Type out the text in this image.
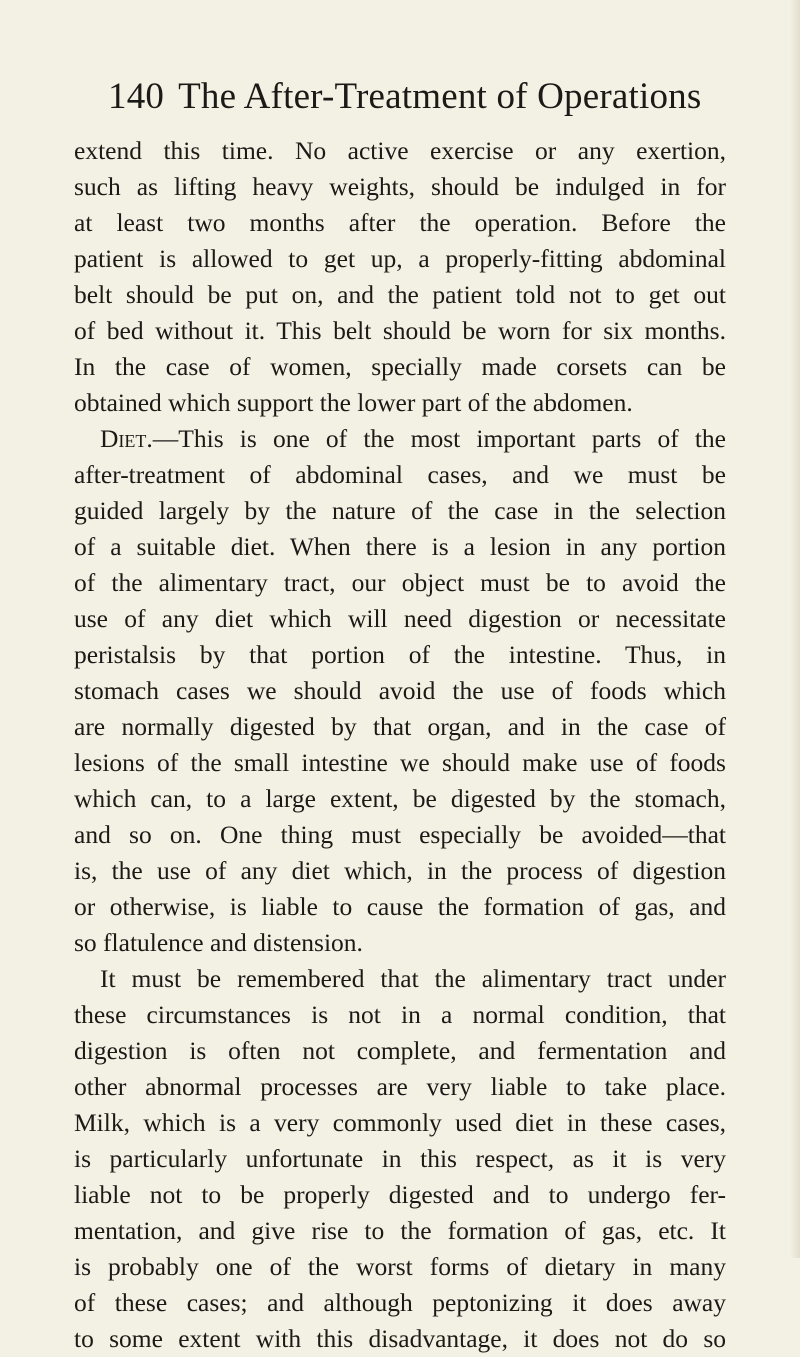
140 The After-Treatment of Operations
extend this time. No active exercise or any exertion,
such as lifting heavy weights, should be indulged in for
at least two months after the operation. Before the
patient is allowed to get up, a properly-fitting abdominal
belt should be put on, and the patient told not to get out
of bed without it. This belt should be worn for six months.
In the case of women, specially made corsets can be
obtained which support the lower part of the abdomen.
Diet.—This is one of the most important parts of the
after-treatment of abdominal cases, and we must be
guided largely by the nature of the case in the selection
of a suitable diet. When there is a lesion in any portion
of the alimentary tract, our object must be to avoid the
use of any diet which will need digestion or necessitate
peristalsis by that portion of the intestine. Thus, in
stomach cases we should avoid the use of foods which
are normally digested by that organ, and in the case of
lesions of the small intestine we should make use of foods
which can, to a large extent, be digested by the stomach,
and so on. One thing must especially be avoided—that
is, the use of any diet which, in the process of digestion
or otherwise, is liable to cause the formation of gas, and
so flatulence and distension.
It must be remembered that the alimentary tract under
these circumstances is not in a normal condition, that
digestion is often not complete, and fermentation and
other abnormal processes are very liable to take place.
Milk, which is a very commonly used diet in these cases,
is particularly unfortunate in this respect, as it is very
liable not to be properly digested and to undergo fer-
mentation, and give rise to the formation of gas, etc. It
is probably one of the worst forms of dietary in many
of these cases; and although peptonizing it does away
to some extent with this disadvantage, it does not do so
